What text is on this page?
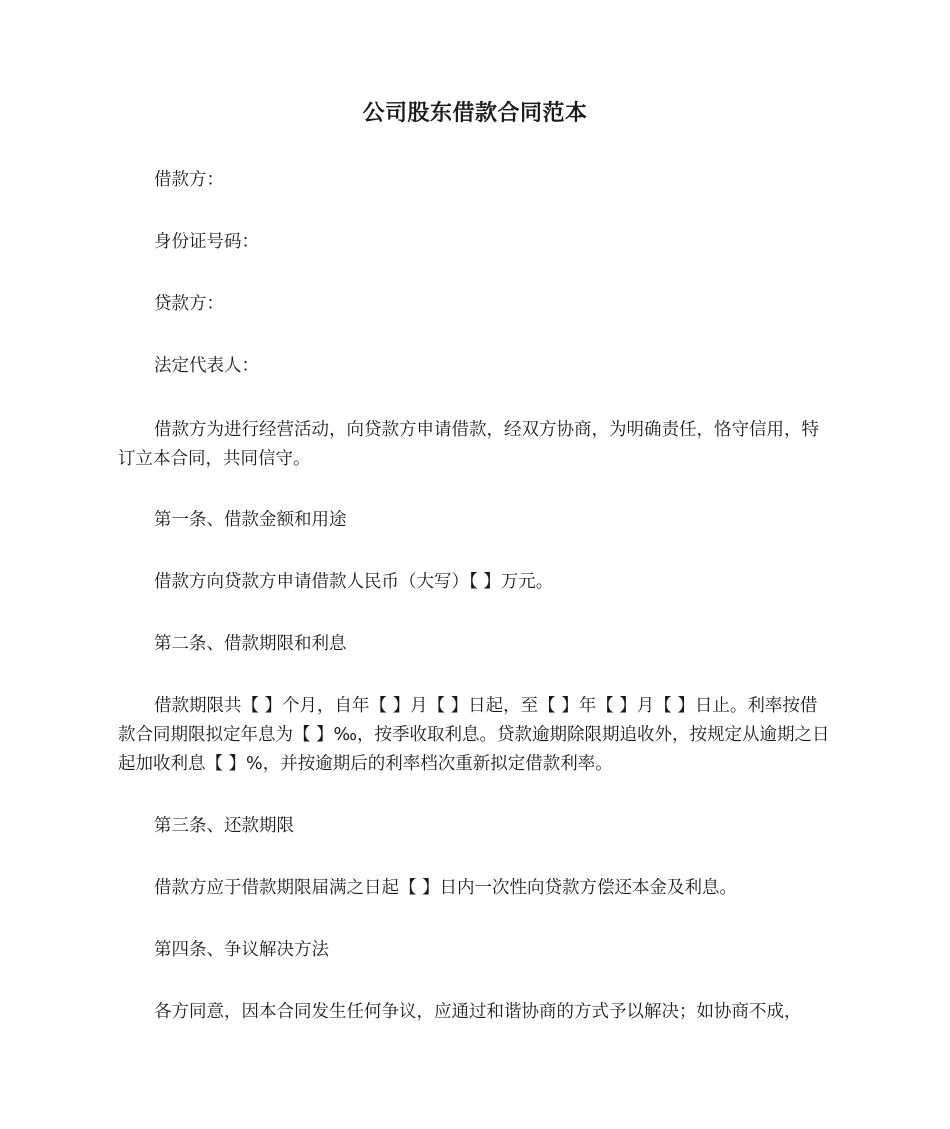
公司股东借款合同范本

借款方：

身份证号码：

贷款方：

法定代表人：

借款方为进行经营活动，向贷款方申请借款，经双方协商，为明确责任，恪守信用，特订立本合同，共同信守。

第一条、借款金额和用途

借款方向贷款方申请借款人民币（大写）【 】万元。

第二条、借款期限和利息

借款期限共【 】个月，自年【 】月【 】日起，至【 】年【 】月【 】日止。利率按借款合同期限拟定年息为【 】‰，按季收取利息。贷款逾期除限期追收外，按规定从逾期之日起加收利息【 】%，并按逾期后的利率档次重新拟定借款利率。

第三条、还款期限

借款方应于借款期限届满之日起【 】日内一次性向贷款方偿还本金及利息。

第四条、争议解决方法

各方同意，因本合同发生任何争议，应通过和谐协商的方式予以解决；如协商不成，
